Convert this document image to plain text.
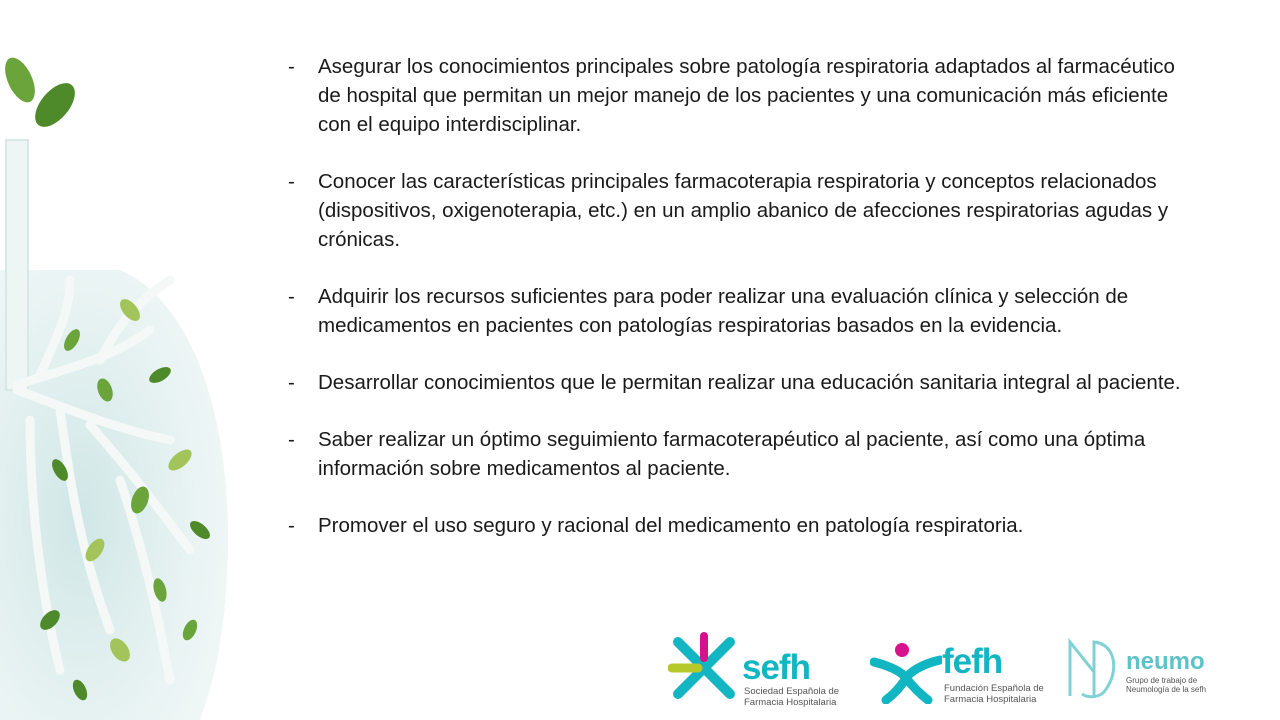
- Asegurar los conocimientos principales sobre patología respiratoria adaptados al farmacéutico de hospital que permitan un mejor manejo de los pacientes y una comunicación más eficiente con el equipo interdisciplinar.
- Conocer las características principales farmacoterapia respiratoria y conceptos relacionados (dispositivos, oxigenoterapia, etc.) en un amplio abanico de afecciones respiratorias agudas y crónicas.
- Adquirir los recursos suficientes para poder realizar una evaluación clínica y selección de medicamentos en pacientes con patologías respiratorias basados en la evidencia.
- Desarrollar conocimientos que le permitan realizar una educación sanitaria integral al paciente.
- Saber realizar un óptimo seguimiento farmacoterapéutico al paciente, así como una óptima información sobre medicamentos al paciente.
- Promover el uso seguro y racional del medicamento en patología respiratoria.
sefh
Sociedad Española de Farmacia Hospitalaria
fefh
Fundación Española de Farmacia Hospitalaria
neumo
Grupo de trabajo de Neumología de la sefh
